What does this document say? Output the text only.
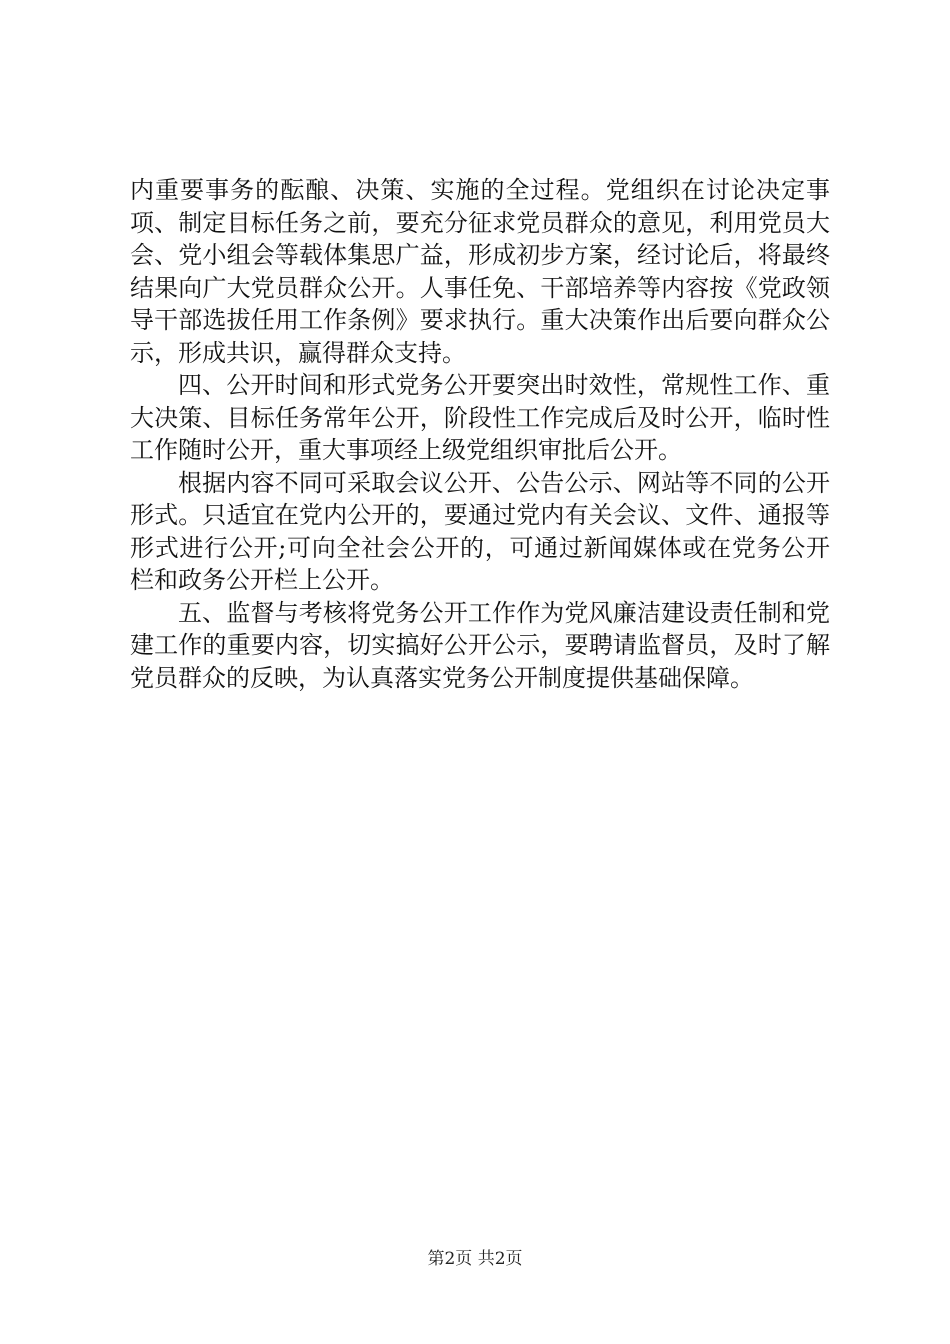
内重要事务的酝酿、决策、实施的全过程。党组织在讨论决定事项、制定目标任务之前，要充分征求党员群众的意见，利用党员大会、党小组会等载体集思广益，形成初步方案，经讨论后，将最终结果向广大党员群众公开。人事任免、干部培养等内容按《党政领导干部选拔任用工作条例》要求执行。重大决策作出后要向群众公示，形成共识，赢得群众支持。

四、公开时间和形式党务公开要突出时效性，常规性工作、重大决策、目标任务常年公开，阶段性工作完成后及时公开，临时性工作随时公开，重大事项经上级党组织审批后公开。

根据内容不同可采取会议公开、公告公示、网站等不同的公开形式。只适宜在党内公开的，要通过党内有关会议、文件、通报等形式进行公开;可向全社会公开的，可通过新闻媒体或在党务公开栏和政务公开栏上公开。

五、监督与考核将党务公开工作作为党风廉洁建设责任制和党建工作的重要内容，切实搞好公开公示，要聘请监督员，及时了解党员群众的反映，为认真落实党务公开制度提供基础保障。

第2页 共2页
